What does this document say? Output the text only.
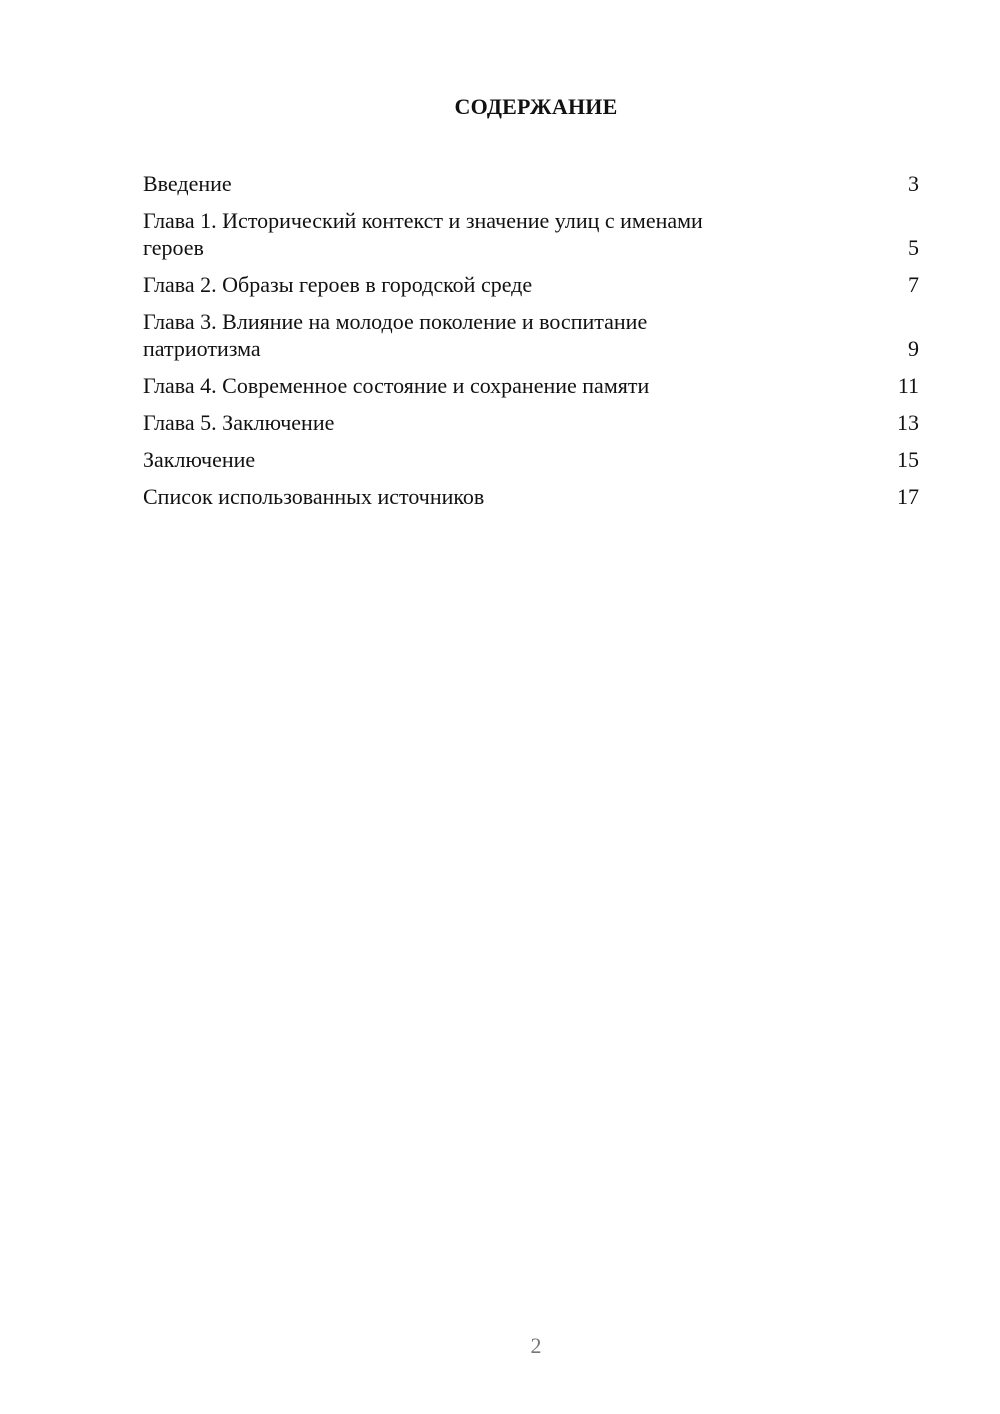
СОДЕРЖАНИЕ
Введение	3
Глава 1. Исторический контекст и значение улиц с именами
героев	5
Глава 2. Образы героев в городской среде	7
Глава 3. Влияние на молодое поколение и воспитание
патриотизма	9
Глава 4. Современное состояние и сохранение памяти	11
Глава 5. Заключение	13
Заключение	15
Список использованных источников	17
2
